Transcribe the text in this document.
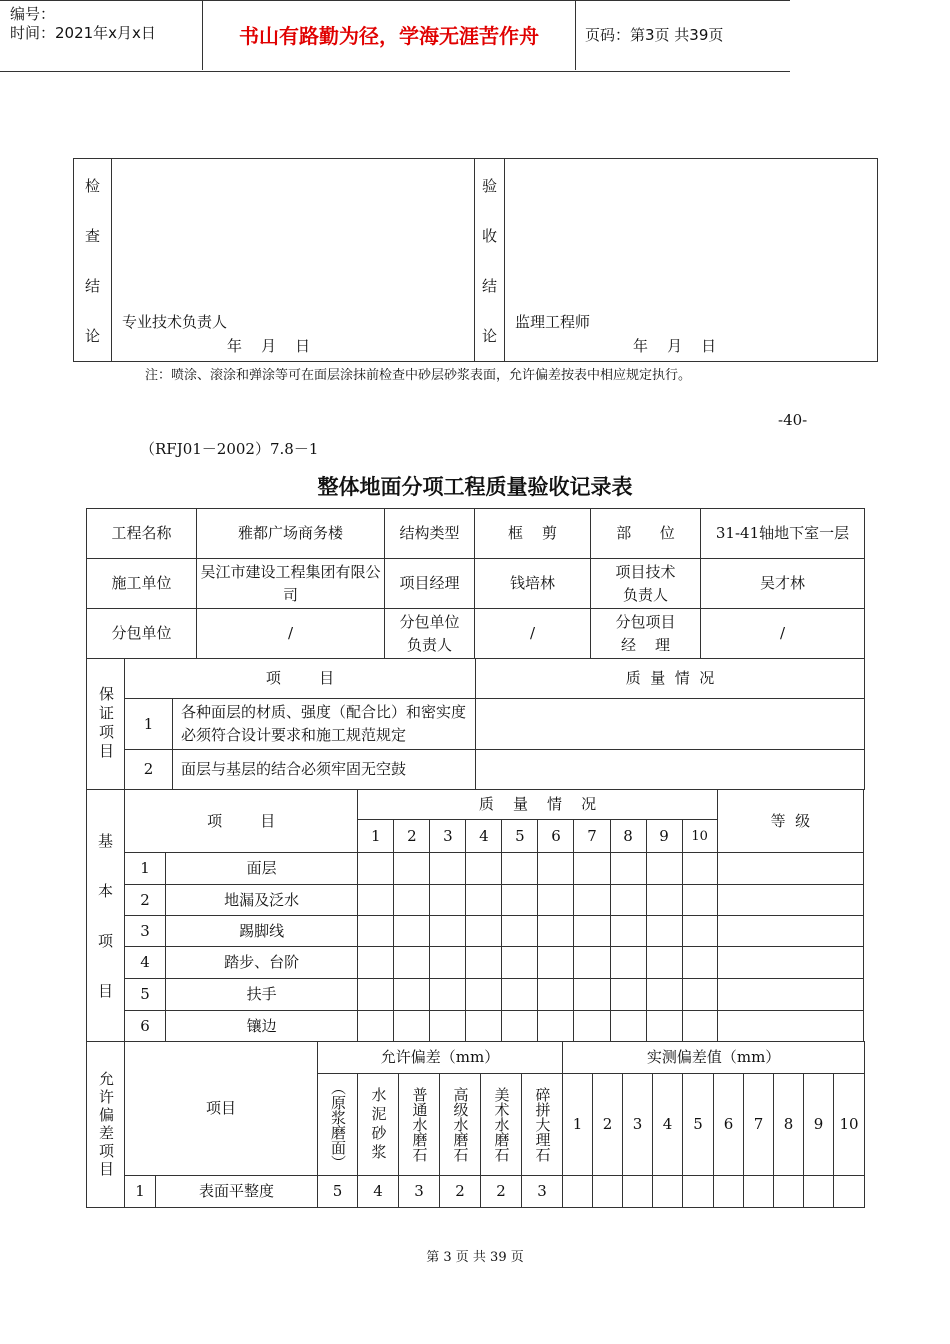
编号：
时间：2021年x月x日	书山有路勤为径，学海无涯苦作舟	页码：第3页 共39页
检
查
结
论

专业技术负责人
年    月    日

验
收
结
论

监理工程师
年    月    日
注：喷涂、滚涂和弹涂等可在面层涂抹前检查中砂层砂浆表面，允许偏差按表中相应规定执行。
-40-
（RFJ01－2002）7.8－1
整体地面分项工程质量验收记录表
工程名称	雅都广场商务楼	结构类型	框    剪	部      位	31-41轴地下室一层
施工单位	吴江市建设工程集团有限公司	项目经理	钱培林	项目技术负责人	吴才林
分包单位	/	分包单位负责人	/	分包项目经    理	/
保证项目	项        目		质  量  情  况
	1	各种面层的材质、强度（配合比）和密实度必须符合设计要求和施工规范规定	
	2	面层与基层的结合必须牢固无空鼓	
基
本
项
目	项        目		质    量    情    况										等  级
			1	2	3	4	5	6	7	8	9	10	
	1	面层											
	2	地漏及泛水											
	3	踢脚线											
	4	踏步、台阶											
	5	扶手											
	6	镶边											
允许偏差项目	项目		允许偏差（mm）						实测偏差值（mm）									

			（原浆磨面）	水泥砂浆	普通水磨石	高级水磨石	美术水磨石	碎拼大理石	1	2	3	4	5	6	7	8	9	10
	1	表面平整度	5	4	3	2	2	3										
第 3 页 共 39 页
